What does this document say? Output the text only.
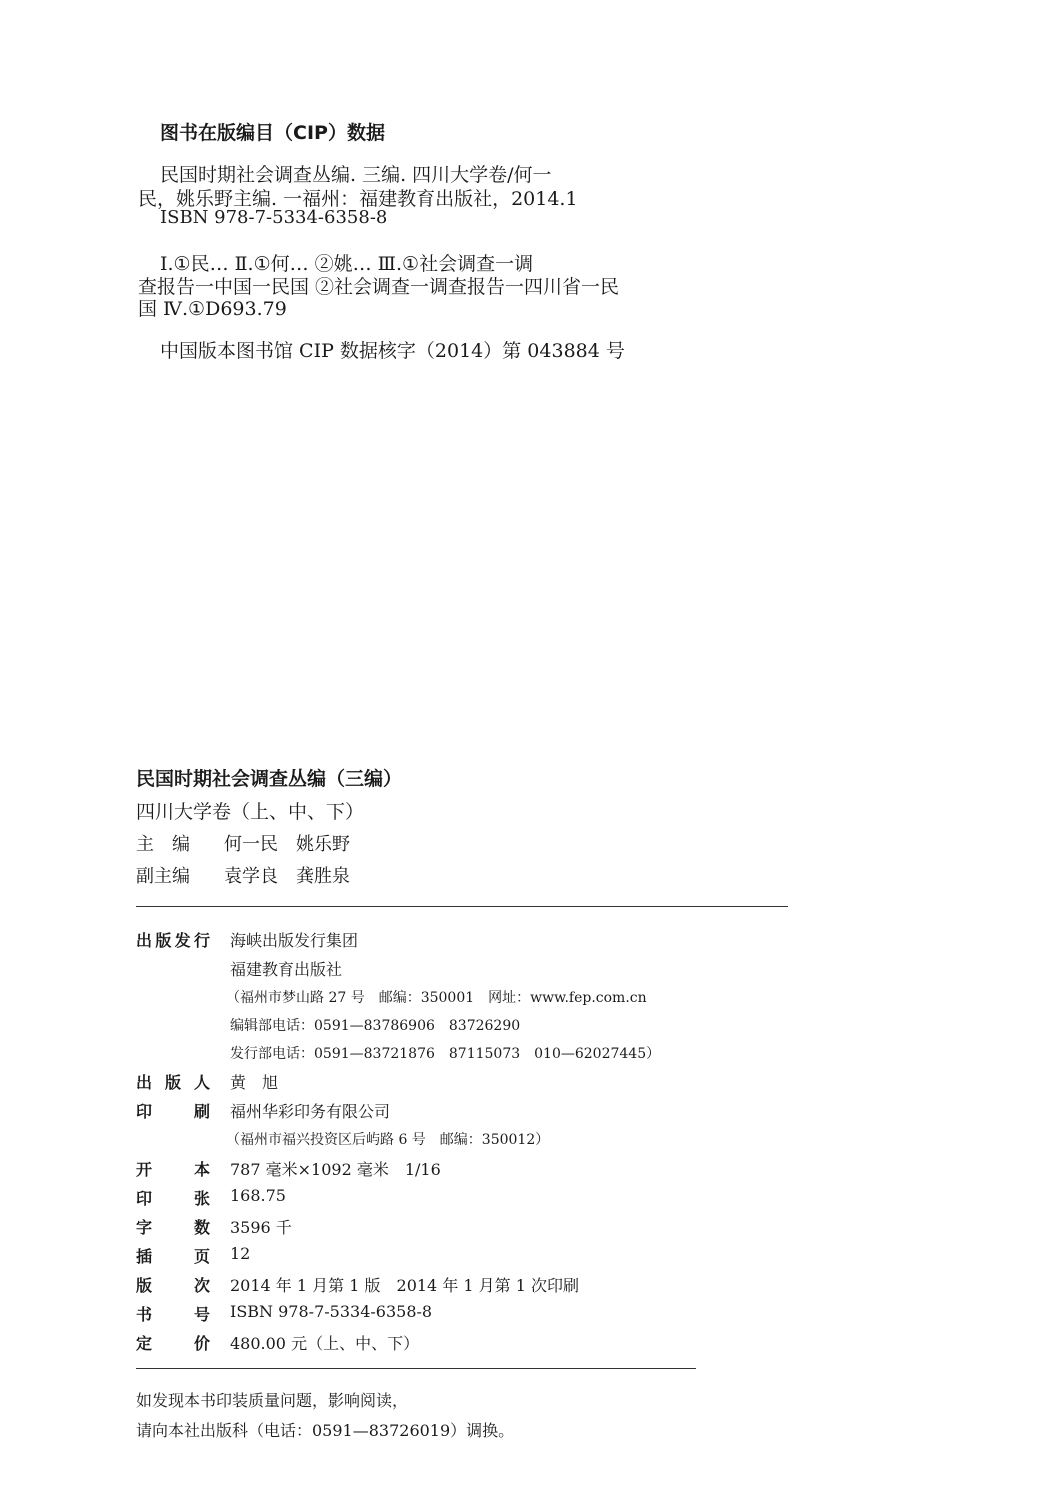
图书在版编目（CIP）数据
民国时期社会调查丛编. 三编. 四川大学卷/何一
民，姚乐野主编. 一福州：福建教育出版社，2014.1
ISBN 978-7-5334-6358-8
Ⅰ.①民… Ⅱ.①何… ②姚… Ⅲ.①社会调查一调
查报告一中国一民国 ②社会调查一调查报告一四川省一民
国 Ⅳ.①D693.79
中国版本图书馆 CIP 数据核字（2014）第 043884 号
民国时期社会调查丛编（三编）
四川大学卷（上、中、下）
主　编 何一民　姚乐野
副主编 袁学良　龚胜泉
出 版 发 行 海峡出版发行集团
福建教育出版社
（福州市梦山路 27 号　邮编：350001　网址：www.fep.com.cn
编辑部电话：0591—83786906　83726290
发行部电话：0591—83721876　87115073　010—62027445）
出 版 人 黄　旭
印	刷 福州华彩印务有限公司
（福州市福兴投资区后屿路 6 号　邮编：350012）
开	本 787 毫米×1092 毫米　1/16
印	张 168.75
字	数 3596 千
插	页 12
版	次 2014 年 1 月第 1 版　2014 年 1 月第 1 次印刷
书	号 ISBN 978-7-5334-6358-8
定	价 480.00 元（上、中、下）
如发现本书印装质量问题，影响阅读，
请向本社出版科（电话：0591—83726019）调换。
